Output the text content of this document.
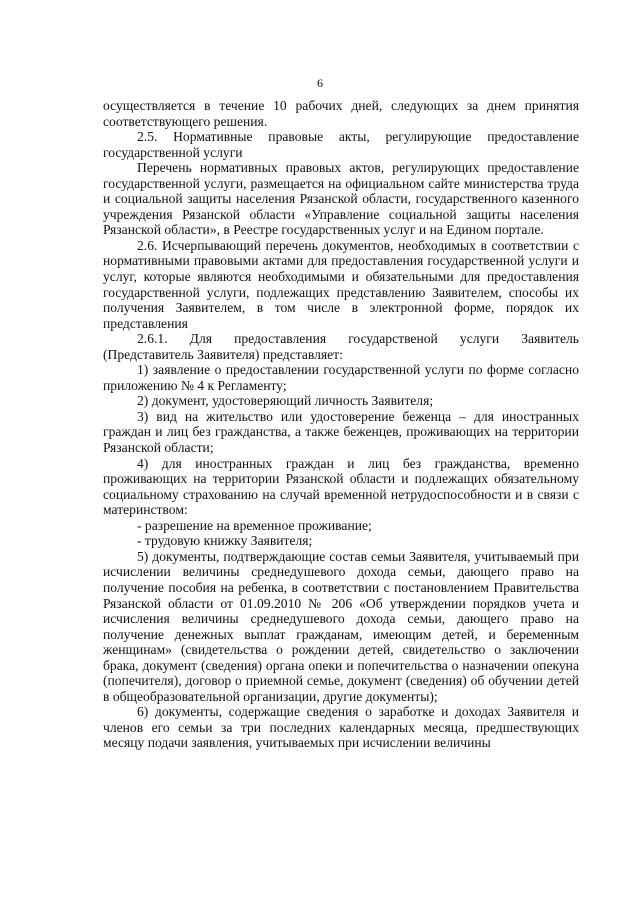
6

осуществляется в течение 10 рабочих дней, следующих за днем принятия соответствующего решения.

2.5. Нормативные правовые акты, регулирующие предоставление государственной услуги

Перечень нормативных правовых актов, регулирующих предоставление государственной услуги, размещается на официальном сайте министерства труда и социальной защиты населения Рязанской области, государственного казенного учреждения Рязанской области «Управление социальной защиты населения Рязанской области», в Реестре государственных услуг и на Едином портале.

2.6. Исчерпывающий перечень документов, необходимых в соответствии с нормативными правовыми актами для предоставления государственной услуги и услуг, которые являются необходимыми и обязательными для предоставления государственной услуги, подлежащих представлению Заявителем, способы их получения Заявителем, в том числе в электронной форме, порядок их представления

2.6.1. Для предоставления государственой услуги Заявитель (Представитель Заявителя) представляет:

1) заявление о предоставлении государственной услуги по форме согласно приложению № 4 к Регламенту;

2) документ, удостоверяющий личность Заявителя;

3) вид на жительство или удостоверение беженца – для иностранных граждан и лиц без гражданства, а также беженцев, проживающих на территории Рязанской области;

4) для иностранных граждан и лиц без гражданства, временно проживающих на территории Рязанской области и подлежащих обязательному социальному страхованию на случай временной нетрудоспособности и в связи с материнством:

- разрешение на временное проживание;

- трудовую книжку Заявителя;

5) документы, подтверждающие состав семьи Заявителя, учитываемый при исчислении величины среднедушевого дохода семьи, дающего право на получение пособия на ребенка, в соответствии с постановлением Правительства Рязанской области от 01.09.2010 № 206 «Об утверждении порядков учета и исчисления величины среднедушевого дохода семьи, дающего право на получение денежных выплат гражданам, имеющим детей, и беременным женщинам» (свидетельства о рождении детей, свидетельство о заключении брака, документ (сведения) органа опеки и попечительства о назначении опекуна (попечителя), договор о приемной семье, документ (сведения) об обучении детей в общеобразовательной организации, другие документы);

6) документы, содержащие сведения о заработке и доходах Заявителя и членов его семьи за три последних календарных месяца, предшествующих месяцу подачи заявления, учитываемых при исчислении величины
